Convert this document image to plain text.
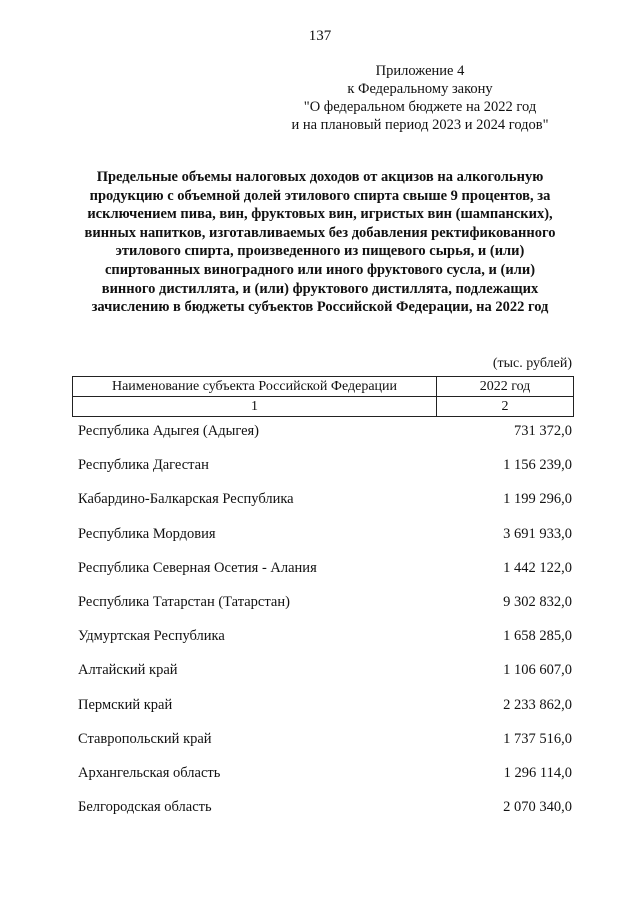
137
Приложение 4
к Федеральному закону
"О федеральном бюджете на 2022 год
и на плановый период 2023 и 2024 годов"
Предельные объемы налоговых доходов от акцизов на алкогольную
продукцию с объемной долей этилового спирта свыше 9 процентов, за
исключением пива, вин, фруктовых вин, игристых вин (шампанских),
винных напитков, изготавливаемых без добавления ректификованного
этилового спирта, произведенного из пищевого сырья, и (или)
спиртованных виноградного или иного фруктового сусла, и (или)
винного дистиллята, и (или) фруктового дистиллята, подлежащих
зачислению в бюджеты субъектов Российской Федерации, на 2022 год
(тыс. рублей)
Наименование субъекта Российской Федерации	2022 год
1	2
Республика Адыгея (Адыгея)	731 372,0
Республика Дагестан	1 156 239,0
Кабардино-Балкарская Республика	1 199 296,0
Республика Мордовия	3 691 933,0
Республика Северная Осетия - Алания	1 442 122,0
Республика Татарстан (Татарстан)	9 302 832,0
Удмуртская Республика	1 658 285,0
Алтайский край	1 106 607,0
Пермский край	2 233 862,0
Ставропольский край	1 737 516,0
Архангельская область	1 296 114,0
Белгородская область	2 070 340,0
